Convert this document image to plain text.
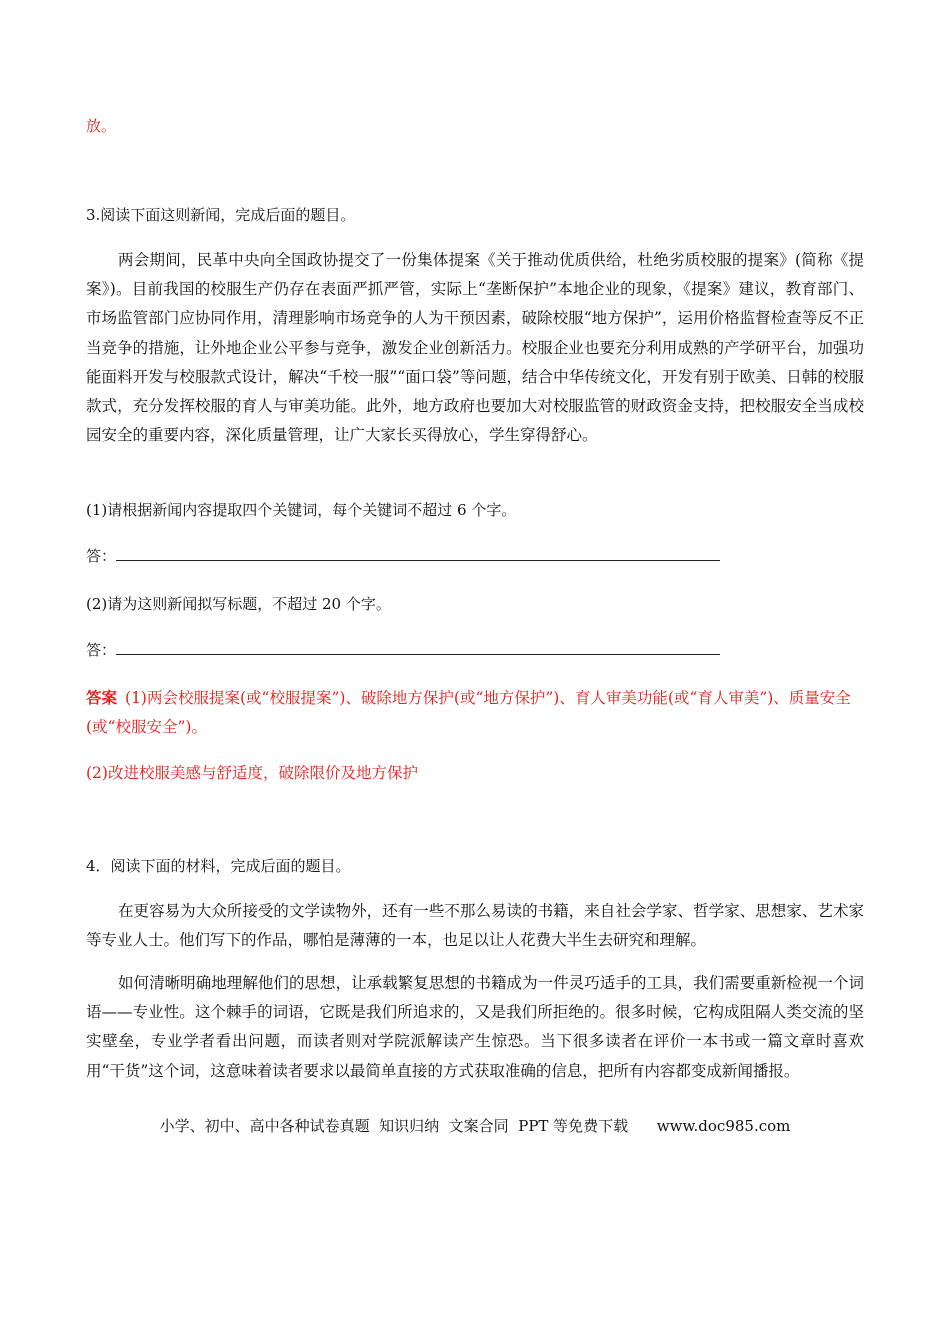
放。

3.阅读下面这则新闻，完成后面的题目。

两会期间，民革中央向全国政协提交了一份集体提案《关于推动优质供给，杜绝劣质校服的提案》(简称《提案》)。目前我国的校服生产仍存在表面严抓严管，实际上“垄断保护”本地企业的现象，《提案》建议，教育部门、市场监管部门应协同作用，清理影响市场竞争的人为干预因素，破除校服“地方保护”，运用价格监督检查等反不正当竞争的措施，让外地企业公平参与竞争，激发企业创新活力。校服企业也要充分利用成熟的产学研平台，加强功能面料开发与校服款式设计，解决“千校一服”“面口袋”等问题，结合中华传统文化，开发有别于欧美、日韩的校服款式，充分发挥校服的育人与审美功能。此外，地方政府也要加大对校服监管的财政资金支持，把校服安全当成校园安全的重要内容，深化质量管理，让广大家长买得放心，学生穿得舒心。

(1)请根据新闻内容提取四个关键词，每个关键词不超过 6 个字。

答：

(2)请为这则新闻拟写标题，不超过 20 个字。

答：

答案 (1)两会校服提案(或“校服提案”)、破除地方保护(或“地方保护”)、育人审美功能(或“育人审美”)、质量安全(或“校服安全”)。

(2)改进校服美感与舒适度，破除限价及地方保护

4．阅读下面的材料，完成后面的题目。

在更容易为大众所接受的文学读物外，还有一些不那么易读的书籍，来自社会学家、哲学家、思想家、艺术家等专业人士。他们写下的作品，哪怕是薄薄的一本，也足以让人花费大半生去研究和理解。

如何清晰明确地理解他们的思想，让承载繁复思想的书籍成为一件灵巧适手的工具，我们需要重新检视一个词语——专业性。这个棘手的词语，它既是我们所追求的，又是我们所拒绝的。很多时候，它构成阻隔人类交流的坚实壁垒，专业学者看出问题，而读者则对学院派解读产生惊恐。当下很多读者在评价一本书或一篇文章时喜欢用“干货”这个词，这意味着读者要求以最简单直接的方式获取准确的信息，把所有内容都变成新闻播报。

小学、初中、高中各种试卷真题  知识归纳  文案合同  PPT 等免费下载      www.doc985.com
